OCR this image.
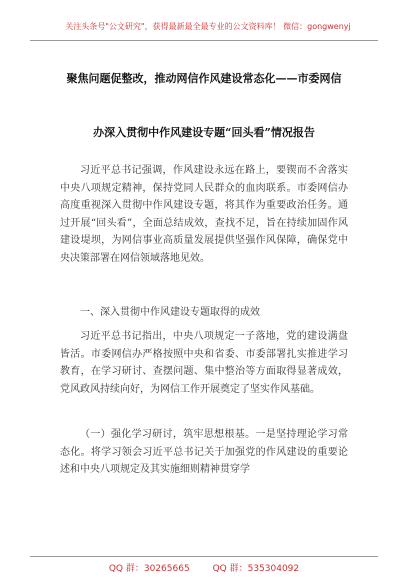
关注头条号"公文研究"，获得最新最全最专业的公文资料库！ 微信：gongwenyj
聚焦问题促整改，推动网信作风建设常态化——市委网信
办深入贯彻中作风建设专题“回头看”情况报告

习近平总书记强调，作风建设永远在路上，要锲而不舍落实中央八项规定精神，保持党同人民群众的血肉联系。市委网信办高度重视深入贯彻中作风建设专题，将其作为重要政治任务。通过开展“回头看”，全面总结成效，查找不足，旨在持续加固作风建设堤坝，为网信事业高质量发展提供坚强作风保障，确保党中央决策部署在网信领域落地见效。

一、深入贯彻中作风建设专题取得的成效

习近平总书记指出，中央八项规定一子落地，党的建设满盘皆活。市委网信办严格按照中央和省委、市委部署扎实推进学习教育，在学习研讨、查摆问题、集中整治等方面取得显著成效，党风政风持续向好，为网信工作开展奠定了坚实作风基础。

（一）强化学习研讨，筑牢思想根基。一是坚持理论学习常态化。将学习领会习近平总书记关于加强党的作风建设的重要论述和中央八项规定及其实施细则精神贯穿学

QQ 群：30265665	QQ 群：535304092
